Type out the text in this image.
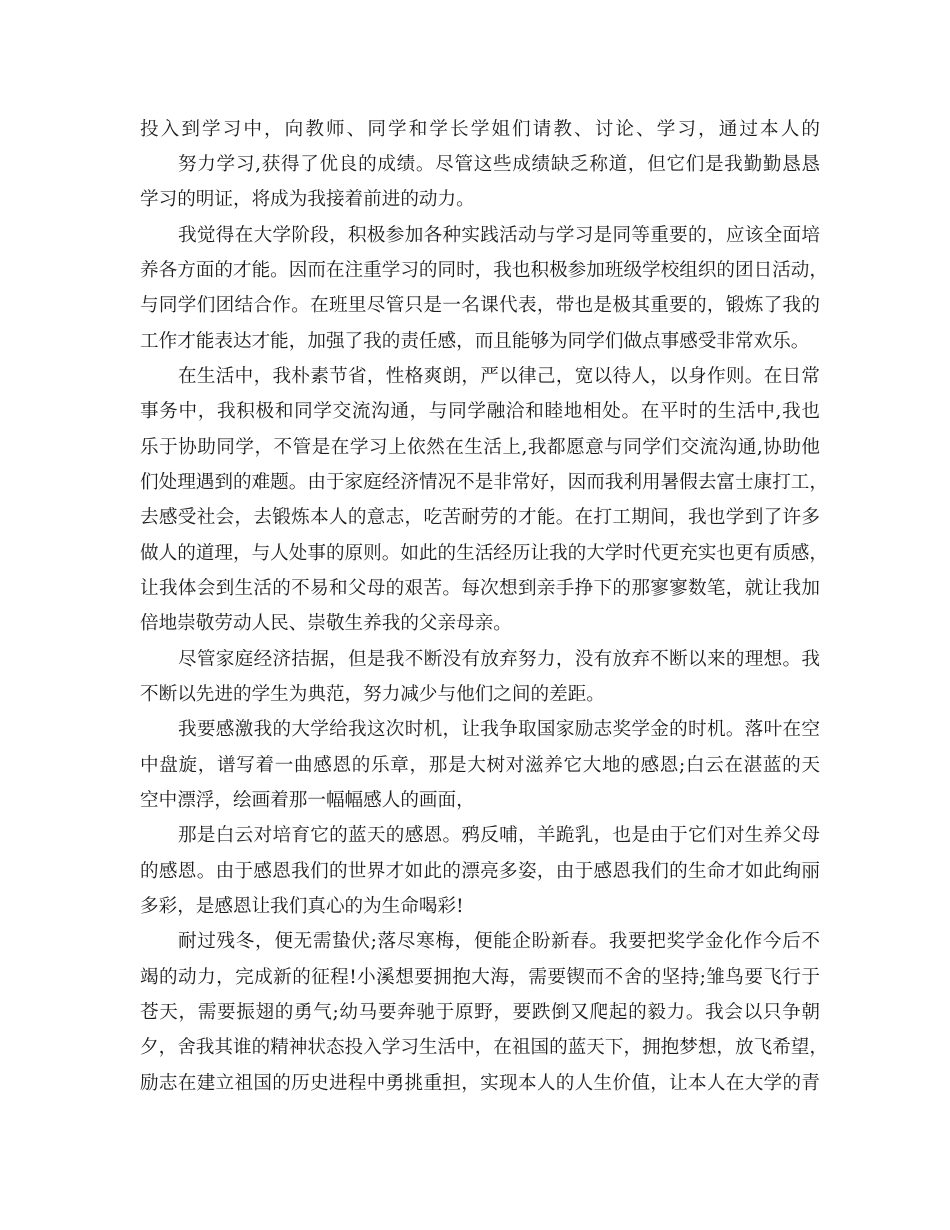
投入到学习中，向教师、同学和学长学姐们请教、讨论、学习，通过本人的
努力学习,获得了优良的成绩。尽管这些成绩缺乏称道，但它们是我勤勤恳恳
学习的明证，将成为我接着前进的动力。
我觉得在大学阶段，积极参加各种实践活动与学习是同等重要的，应该全面培
养各方面的才能。因而在注重学习的同时，我也积极参加班级学校组织的团日活动，
与同学们团结合作。在班里尽管只是一名课代表，带也是极其重要的，锻炼了我的
工作才能表达才能，加强了我的责任感，而且能够为同学们做点事感受非常欢乐。
在生活中，我朴素节省，性格爽朗，严以律己，宽以待人，以身作则。在日常
事务中，我积极和同学交流沟通，与同学融洽和睦地相处。在平时的生活中,我也
乐于协助同学，不管是在学习上依然在生活上,我都愿意与同学们交流沟通,协助他
们处理遇到的难题。由于家庭经济情况不是非常好，因而我利用暑假去富士康打工，
去感受社会，去锻炼本人的意志，吃苦耐劳的才能。在打工期间，我也学到了许多
做人的道理，与人处事的原则。如此的生活经历让我的大学时代更充实也更有质感，
让我体会到生活的不易和父母的艰苦。每次想到亲手挣下的那寥寥数笔，就让我加
倍地崇敬劳动人民、崇敬生养我的父亲母亲。
尽管家庭经济拮据，但是我不断没有放弃努力，没有放弃不断以来的理想。我
不断以先进的学生为典范，努力减少与他们之间的差距。
我要感激我的大学给我这次时机，让我争取国家励志奖学金的时机。落叶在空
中盘旋，谱写着一曲感恩的乐章，那是大树对滋养它大地的感恩;白云在湛蓝的天
空中漂浮，绘画着那一幅幅感人的画面，
那是白云对培育它的蓝天的感恩。鸦反哺，羊跪乳，也是由于它们对生养父母
的感恩。由于感恩我们的世界才如此的漂亮多姿，由于感恩我们的生命才如此绚丽
多彩，是感恩让我们真心的为生命喝彩!
耐过残冬，便无需蛰伏;落尽寒梅，便能企盼新春。我要把奖学金化作今后不
竭的动力，完成新的征程!小溪想要拥抱大海，需要锲而不舍的坚持;雏鸟要飞行于
苍天，需要振翅的勇气;幼马要奔驰于原野，要跌倒又爬起的毅力。我会以只争朝
夕，舍我其谁的精神状态投入学习生活中，在祖国的蓝天下，拥抱梦想，放飞希望，
励志在建立祖国的历史进程中勇挑重担，实现本人的人生价值，让本人在大学的青
